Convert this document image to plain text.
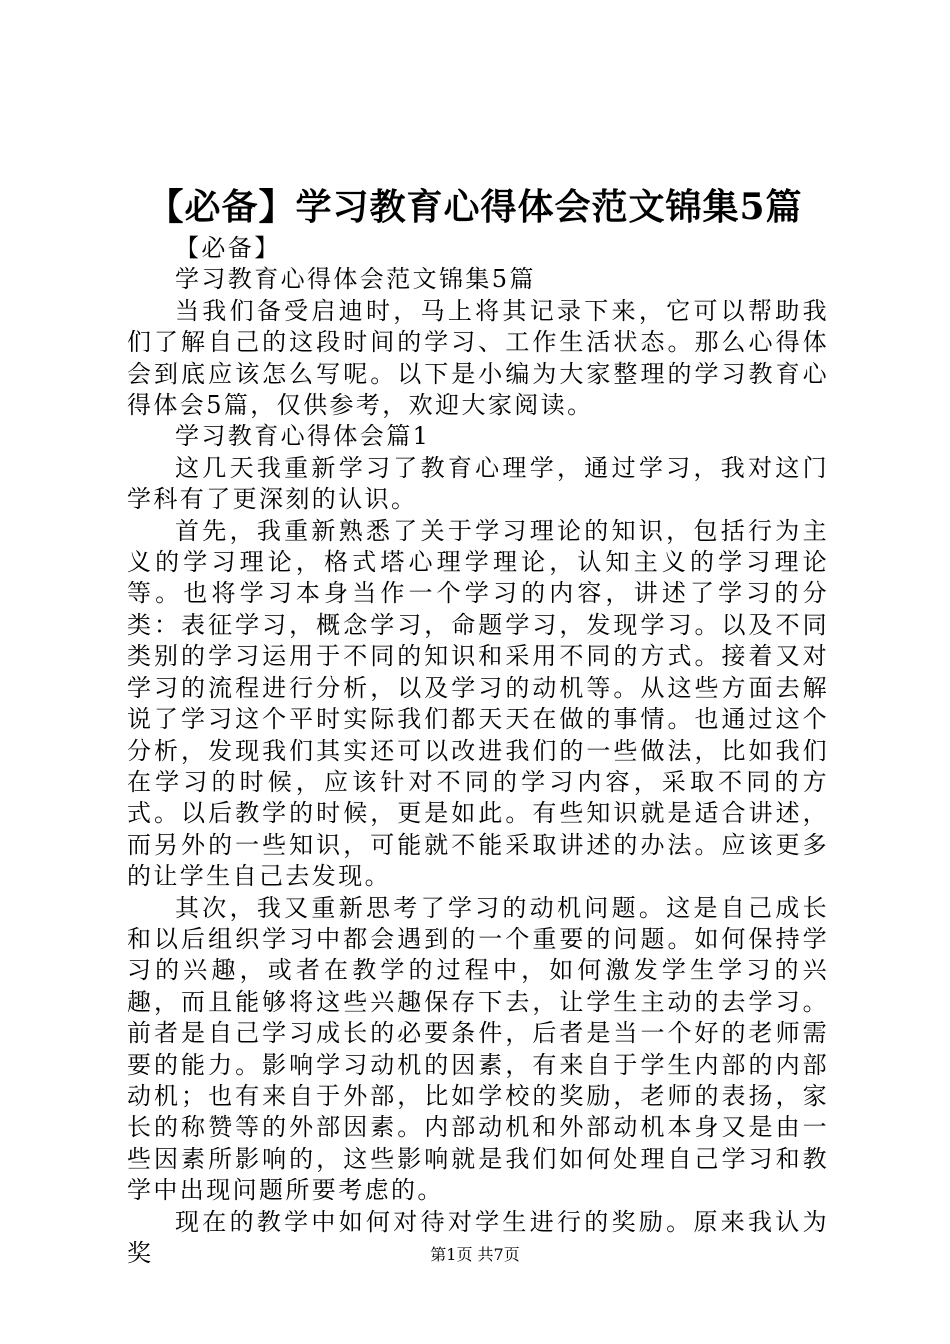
【必备】学习教育心得体会范文锦集5篇

【必备】

学习教育心得体会范文锦集5篇

当我们备受启迪时，马上将其记录下来，它可以帮助我们了解自己的这段时间的学习、工作生活状态。那么心得体会到底应该怎么写呢。以下是小编为大家整理的学习教育心得体会5篇，仅供参考，欢迎大家阅读。

学习教育心得体会篇1

这几天我重新学习了教育心理学，通过学习，我对这门学科有了更深刻的认识。

首先，我重新熟悉了关于学习理论的知识，包括行为主义的学习理论，格式塔心理学理论，认知主义的学习理论等。也将学习本身当作一个学习的内容，讲述了学习的分类：表征学习，概念学习，命题学习，发现学习。以及不同类别的学习运用于不同的知识和采用不同的方式。接着又对学习的流程进行分析，以及学习的动机等。从这些方面去解说了学习这个平时实际我们都天天在做的事情。也通过这个分析，发现我们其实还可以改进我们的一些做法，比如我们在学习的时候，应该针对不同的学习内容，采取不同的方式。以后教学的时候，更是如此。有些知识就是适合讲述，而另外的一些知识，可能就不能采取讲述的办法。应该更多的让学生自己去发现。

其次，我又重新思考了学习的动机问题。这是自己成长和以后组织学习中都会遇到的一个重要的问题。如何保持学习的兴趣，或者在教学的过程中，如何激发学生学习的兴趣，而且能够将这些兴趣保存下去，让学生主动的去学习。前者是自己学习成长的必要条件，后者是当一个好的老师需要的能力。影响学习动机的因素，有来自于学生内部的内部动机；也有来自于外部，比如学校的奖励，老师的表扬，家长的称赞等的外部因素。内部动机和外部动机本身又是由一些因素所影响的，这些影响就是我们如何处理自己学习和教学中出现问题所要考虑的。

现在的教学中如何对待对学生进行的奖励。原来我认为奖	第1页 共7页
